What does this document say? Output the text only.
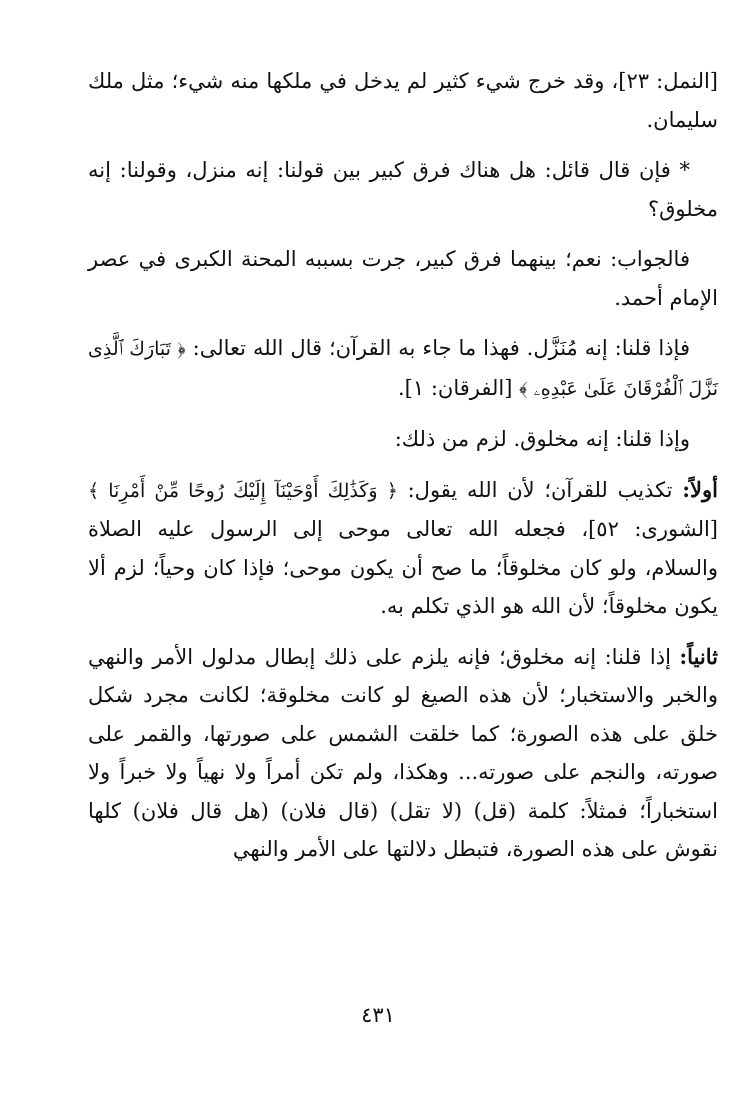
[النمل: ٢٣]، وقد خرج شيء كثير لم يدخل في ملكها منه شيء؛ مثل ملك سليمان.

* فإن قال قائل: هل هناك فرق كبير بين قولنا: إنه منزل، وقولنا: إنه مخلوق؟

فالجواب: نعم؛ بينهما فرق كبير، جرت بسببه المحنة الكبرى في عصر الإمام أحمد.

فإذا قلنا: إنه مُنَزَّل. فهذا ما جاء به القرآن؛ قال الله تعالى: ﴿ تَبَارَكَ ٱلَّذِى نَزَّلَ ٱلْفُرْقَانَ عَلَىٰ عَبْدِهِۦ ﴾ [الفرقان: ١].

وإذا قلنا: إنه مخلوق. لزم من ذلك:

أولاً: تكذيب للقرآن؛ لأن الله يقول: ﴿ وَكَذَٰلِكَ أَوْحَيْنَآ إِلَيْكَ رُوحًا مِّنْ أَمْرِنَا ﴾ [الشورى: ٥٢]، فجعله الله تعالى موحى إلى الرسول عليه الصلاة والسلام، ولو كان مخلوقاً؛ ما صح أن يكون موحى؛ فإذا كان وحياً؛ لزم ألا يكون مخلوقاً؛ لأن الله هو الذي تكلم به.

ثانياً: إذا قلنا: إنه مخلوق؛ فإنه يلزم على ذلك إبطال مدلول الأمر والنهي والخبر والاستخبار؛ لأن هذه الصيغ لو كانت مخلوقة؛ لكانت مجرد شكل خلق على هذه الصورة؛ كما خلقت الشمس على صورتها، والقمر على صورته، والنجم على صورته... وهكذا، ولم تكن أمراً ولا نهياً ولا خبراً ولا استخباراً؛ فمثلاً: كلمة (قل) (لا تقل) (قال فلان) (هل قال فلان) كلها نقوش على هذه الصورة، فتبطل دلالتها على الأمر والنهي

٤٣١
